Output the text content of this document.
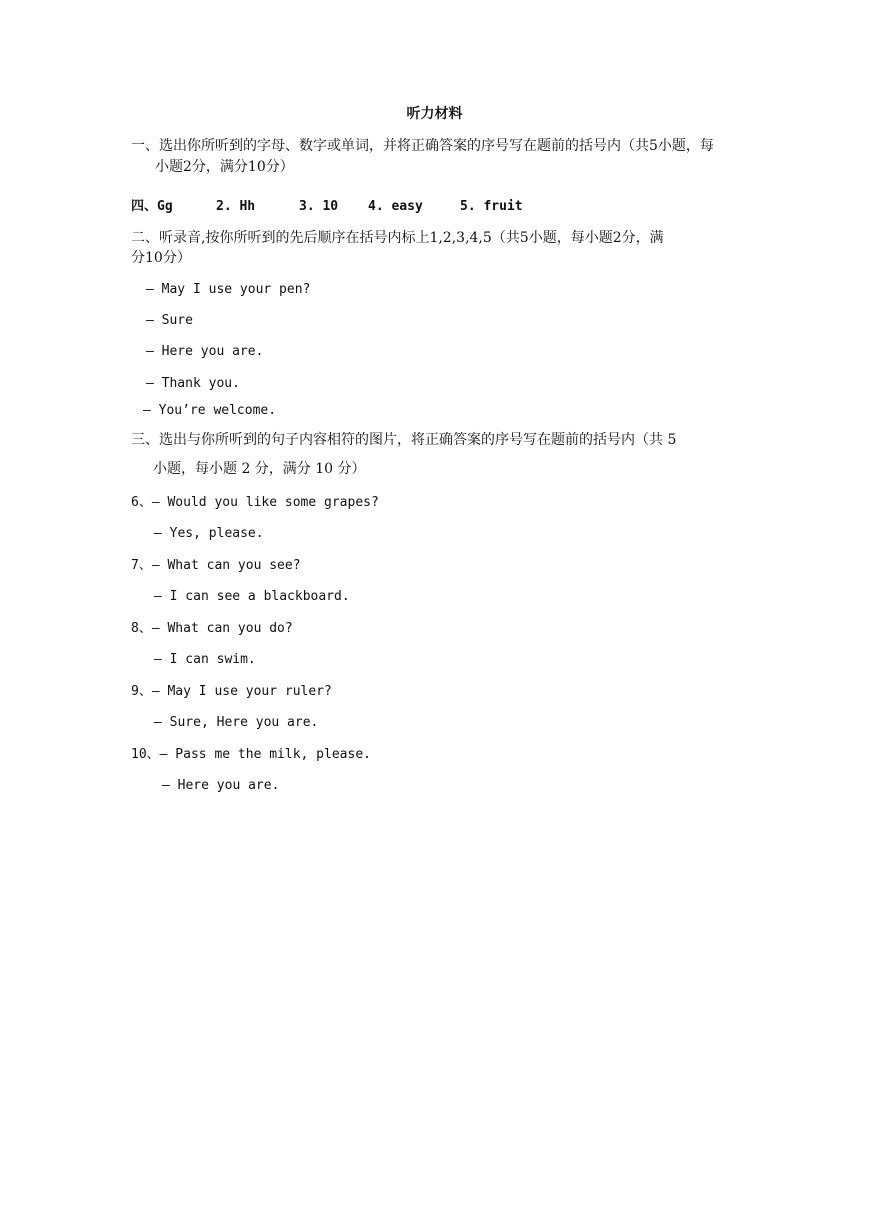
听力材料
一、选出你所听到的字母、数字或单词，并将正确答案的序号写在题前的括号内（共5小题，每
小题2分，满分10分）
四、Gg	2. Hh	3. 10 4. easy	5. fruit
二、听录音,按你所听到的先后顺序在括号内标上1,2,3,4,5（共5小题，每小题2分，满
分10分）
— May I use your pen?
— Sure
— Here you are.
— Thank you.
— You’re welcome.
三、选出与你所听到的句子内容相符的图片，将正确答案的序号写在题前的括号内（共 5
小题，每小题 2 分，满分 10 分）
6、— Would you like some grapes?
— Yes, please.
7、— What can you see?
— I can see a blackboard.
8、— What can you do?
— I can swim.
9、— May I use your ruler?
— Sure, Here you are.
10、— Pass me the milk, please.
— Here you are.
